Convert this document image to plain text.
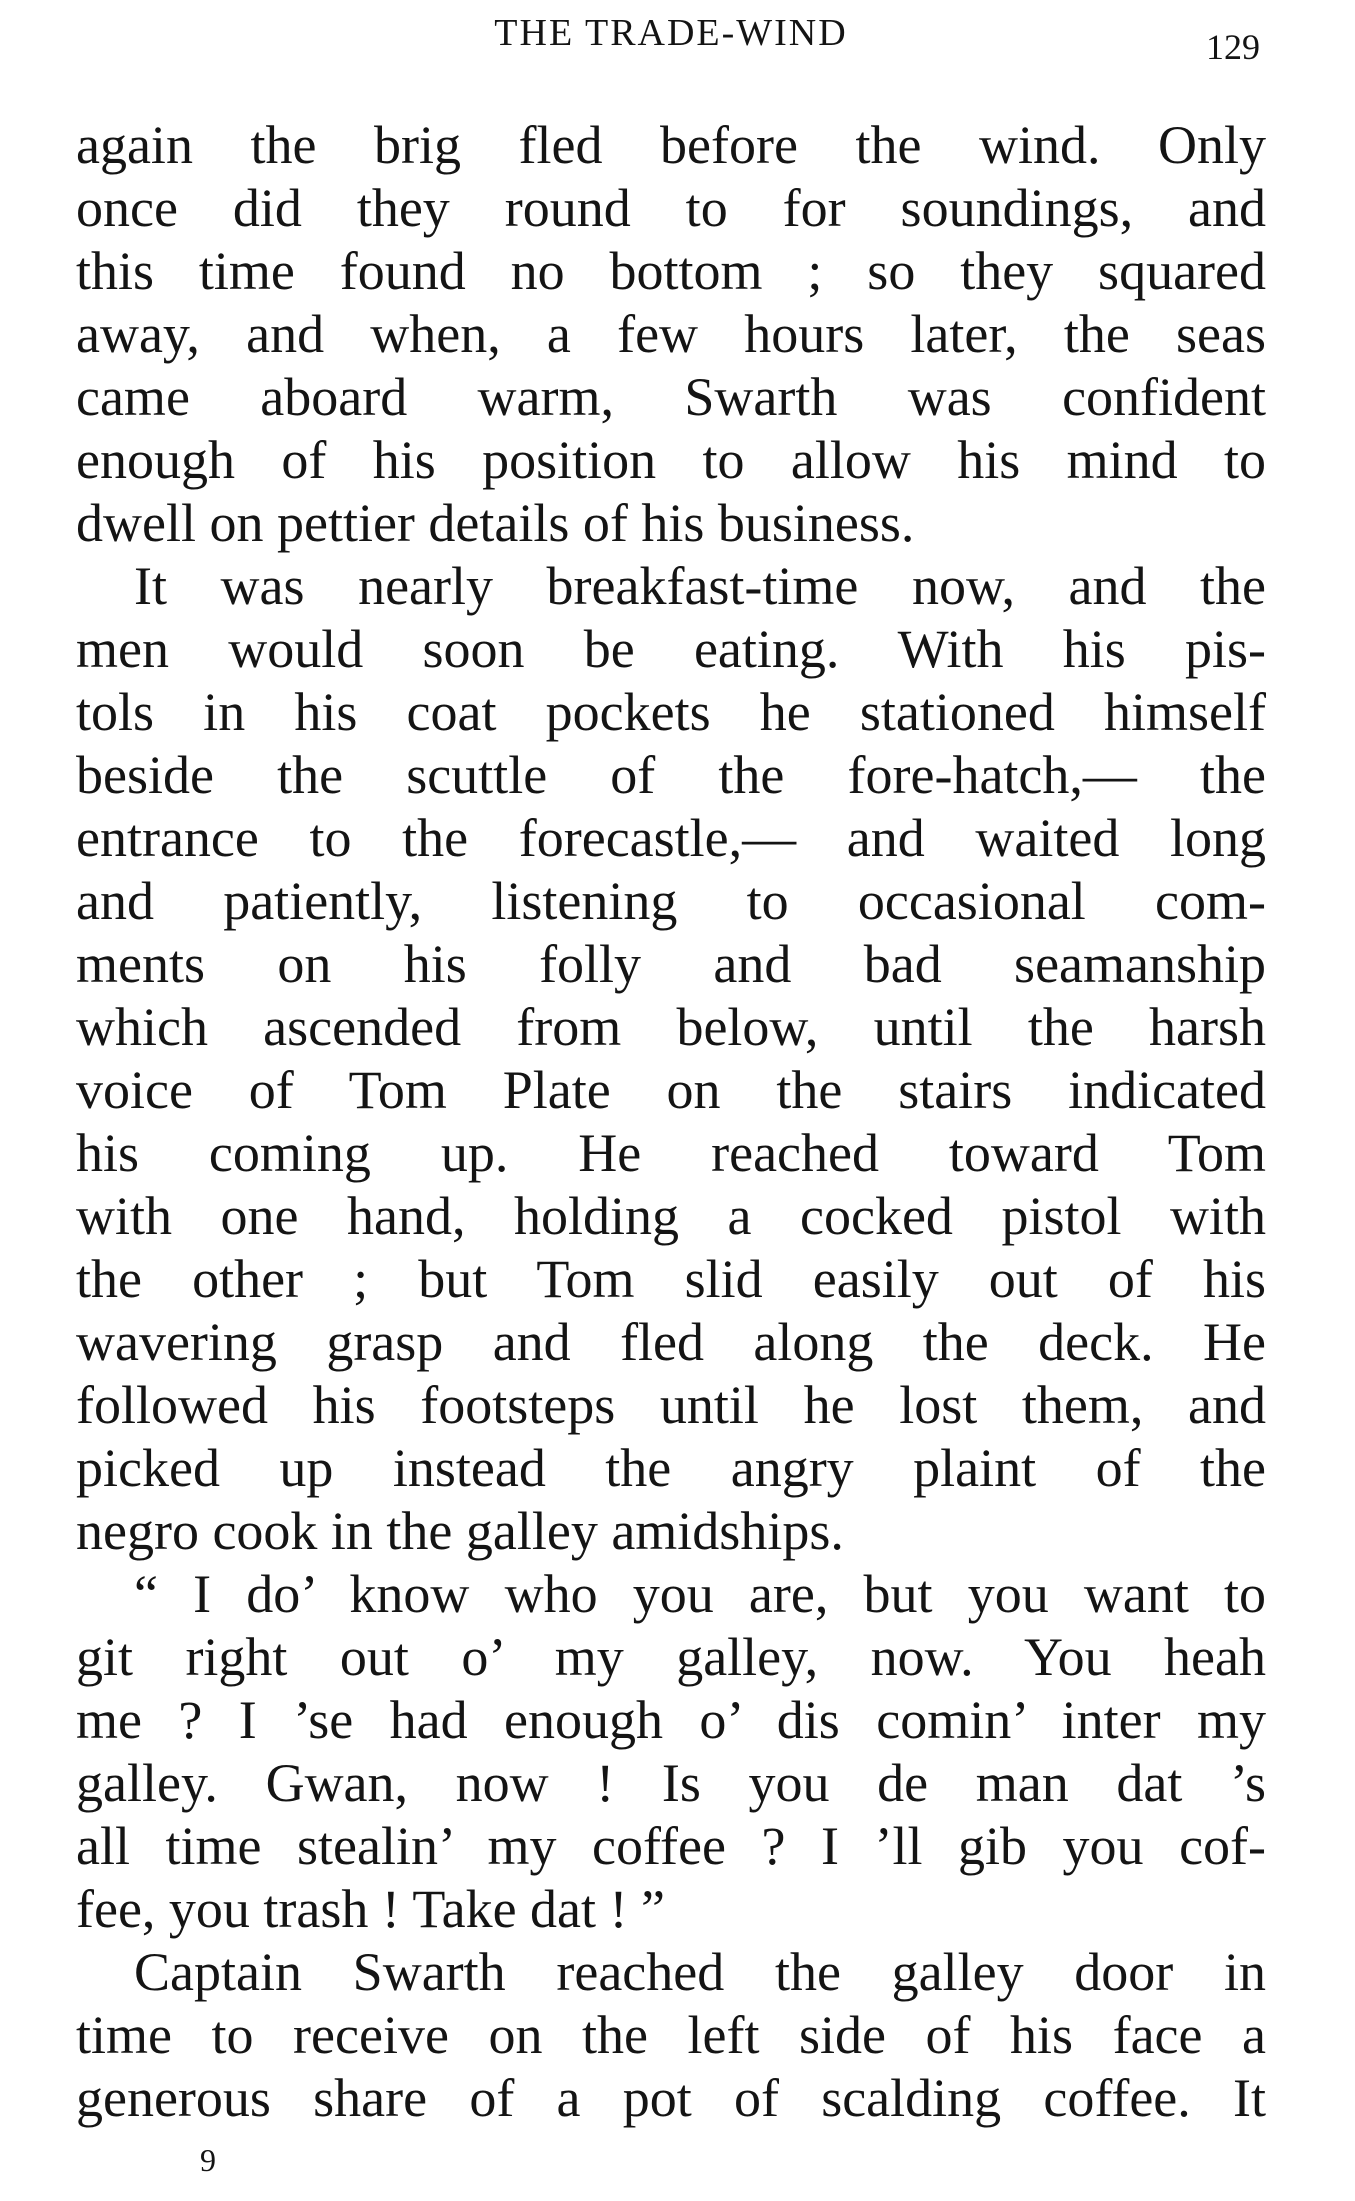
THE TRADE-WIND	129
again the brig fled before the wind. Only
once did they round to for soundings, and
this time found no bottom ; so they squared
away, and when, a few hours later, the seas
came aboard warm, Swarth was confident
enough of his position to allow his mind to
dwell on pettier details of his business.
It was nearly breakfast-time now, and the
men would soon be eating. With his pis-
tols in his coat pockets he stationed himself
beside the scuttle of the fore-hatch,— the
entrance to the forecastle,— and waited long
and patiently, listening to occasional com-
ments on his folly and bad seamanship
which ascended from below, until the harsh
voice of Tom Plate on the stairs indicated
his coming up. He reached toward Tom
with one hand, holding a cocked pistol with
the other ; but Tom slid easily out of his
wavering grasp and fled along the deck. He
followed his footsteps until he lost them, and
picked up instead the angry plaint of the
negro cook in the galley amidships.
“ I do’ know who you are, but you want to
git right out o’ my galley, now. You heah
me ? I ’se had enough o’ dis comin’ inter my
galley. Gwan, now ! Is you de man dat ’s
all time stealin’ my coffee ? I ’ll gib you cof-
fee, you trash ! Take dat ! ”
Captain Swarth reached the galley door in
time to receive on the left side of his face a
generous share of a pot of scalding coffee. It
9
